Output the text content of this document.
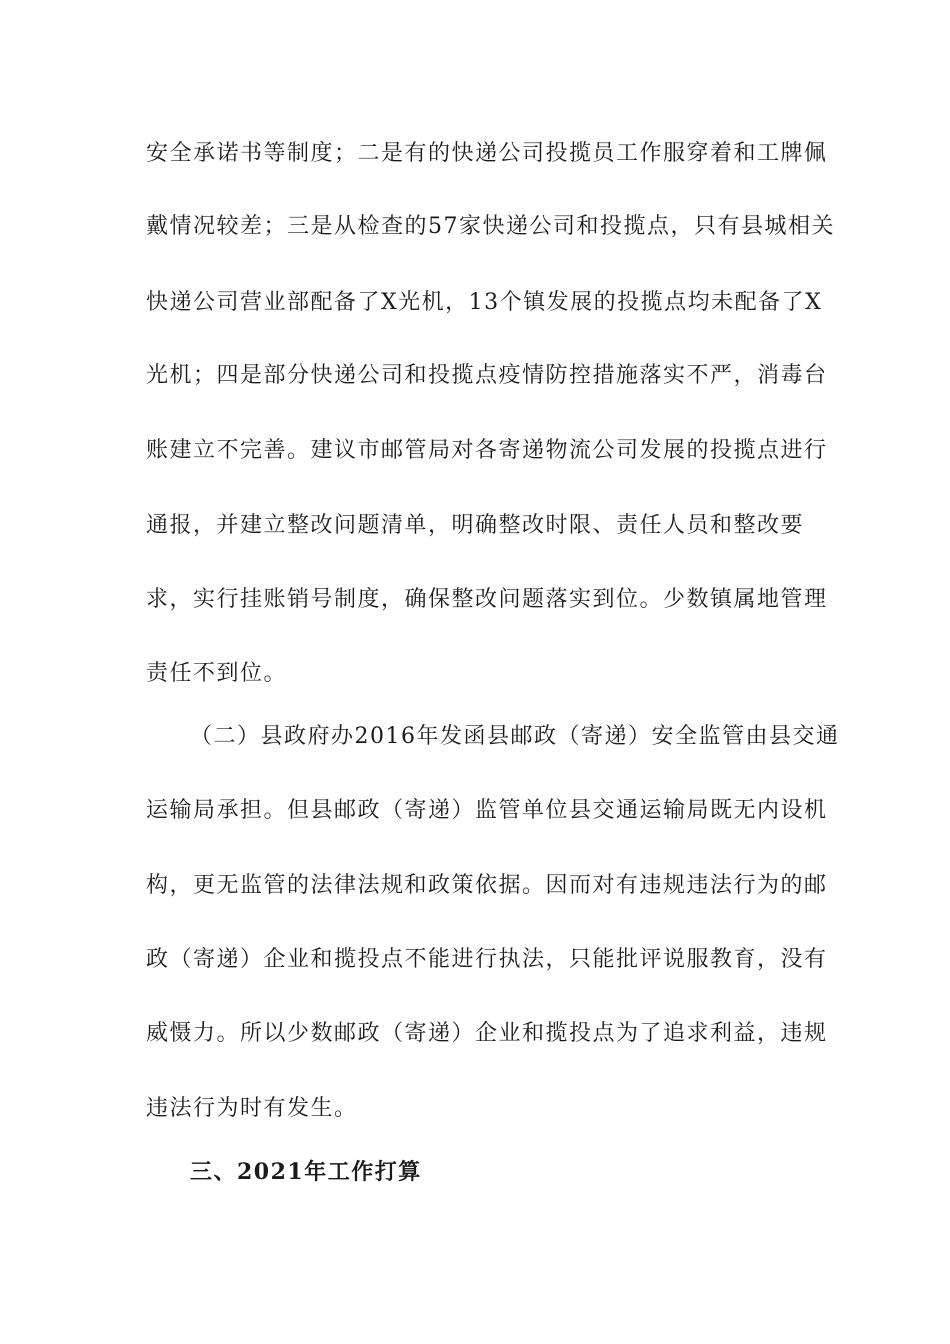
安全承诺书等制度；二是有的快递公司投揽员工作服穿着和工牌佩
戴情况较差；三是从检查的57家快递公司和投揽点，只有县城相关
快递公司营业部配备了X光机，13个镇发展的投揽点均未配备了X
光机；四是部分快递公司和投揽点疫情防控措施落实不严，消毒台
账建立不完善。建议市邮管局对各寄递物流公司发展的投揽点进行
通报，并建立整改问题清单，明确整改时限、责任人员和整改要
求，实行挂账销号制度，确保整改问题落实到位。少数镇属地管理
责任不到位。
（二）县政府办2016年发函县邮政（寄递）安全监管由县交通
运输局承担。但县邮政（寄递）监管单位县交通运输局既无内设机
构，更无监管的法律法规和政策依据。因而对有违规违法行为的邮
政（寄递）企业和揽投点不能进行执法，只能批评说服教育，没有
威慑力。所以少数邮政（寄递）企业和揽投点为了追求利益，违规
违法行为时有发生。
三、2021年工作打算
